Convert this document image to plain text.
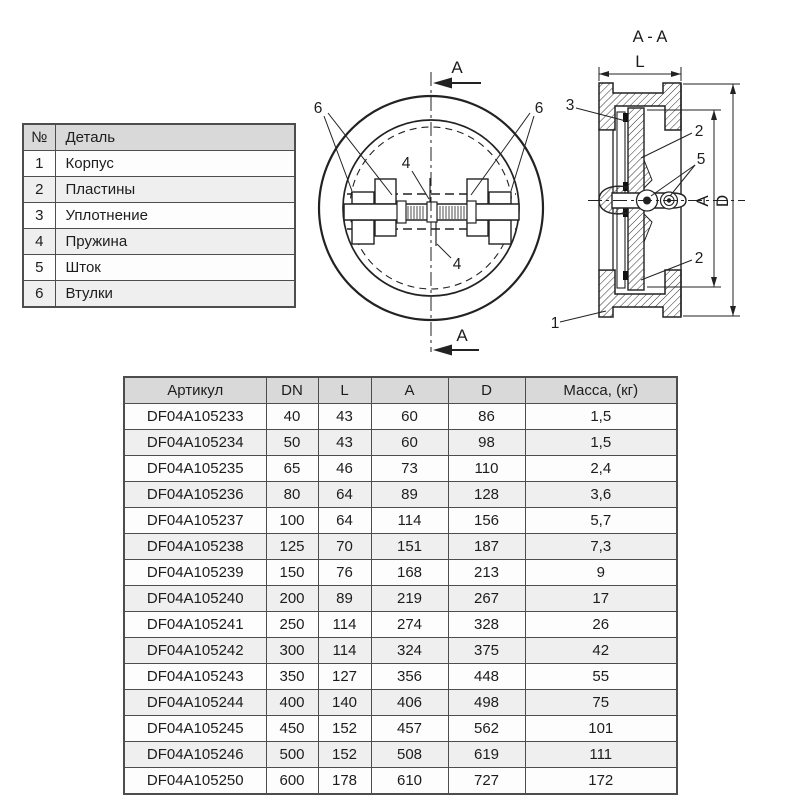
A
A
6	6
4
4
A - A
L
A D
3
2
5
2
1
№	Деталь
1	Корпус
2	Пластины
3	Уплотнение
4	Пружина
5	Шток
6	Втулки
Артикул	DN	L	A	D	Масса, (кг)
DF04A105233	40	43	60	86	1,5
DF04A105234	50	43	60	98	1,5
DF04A105235	65	46	73	110	2,4
DF04A105236	80	64	89	128	3,6
DF04A105237	100	64	114	156	5,7
DF04A105238	125	70	151	187	7,3
DF04A105239	150	76	168	213	9
DF04A105240	200	89	219	267	17
DF04A105241	250	114	274	328	26
DF04A105242	300	114	324	375	42
DF04A105243	350	127	356	448	55
DF04A105244	400	140	406	498	75
DF04A105245	450	152	457	562	101
DF04A105246	500	152	508	619	111
DF04A105250	600	178	610	727	172
